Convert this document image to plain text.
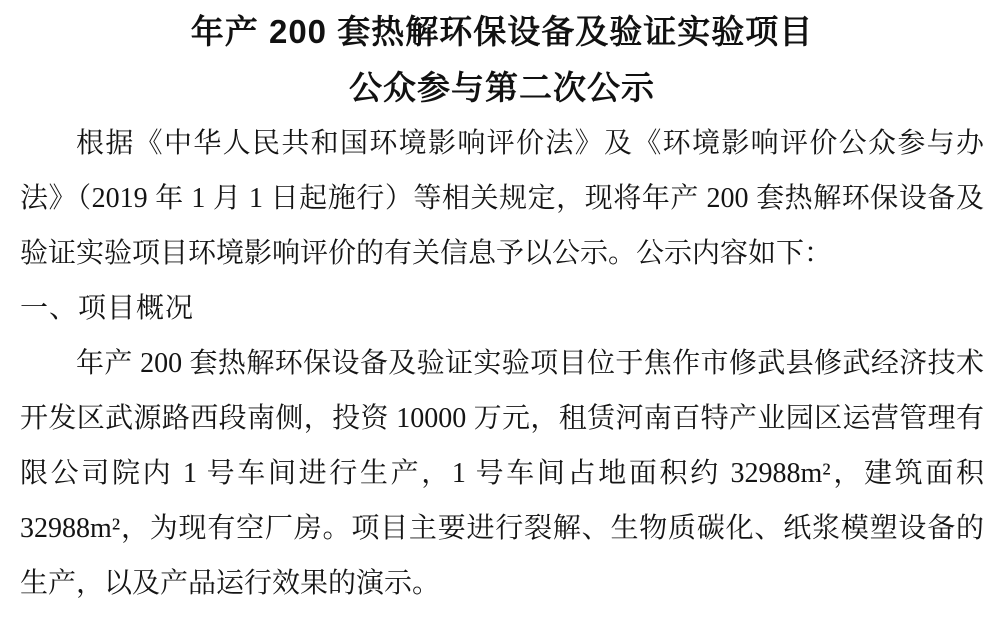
年产 200 套热解环保设备及验证实验项目
公众参与第二次公示

根据《中华人民共和国环境影响评价法》及《环境影响评价公众参与办法》（2019 年 1 月 1 日起施行）等相关规定，现将年产 200 套热解环保设备及验证实验项目环境影响评价的有关信息予以公示。公示内容如下：

一、项目概况

年产 200 套热解环保设备及验证实验项目位于焦作市修武县修武经济技术开发区武源路西段南侧，投资 10000 万元，租赁河南百特产业园区运营管理有限公司院内 1 号车间进行生产，1 号车间占地面积约 32988m²，建筑面积 32988m²，为现有空厂房。项目主要进行裂解、生物质碳化、纸浆模塑设备的生产，以及产品运行效果的演示。
